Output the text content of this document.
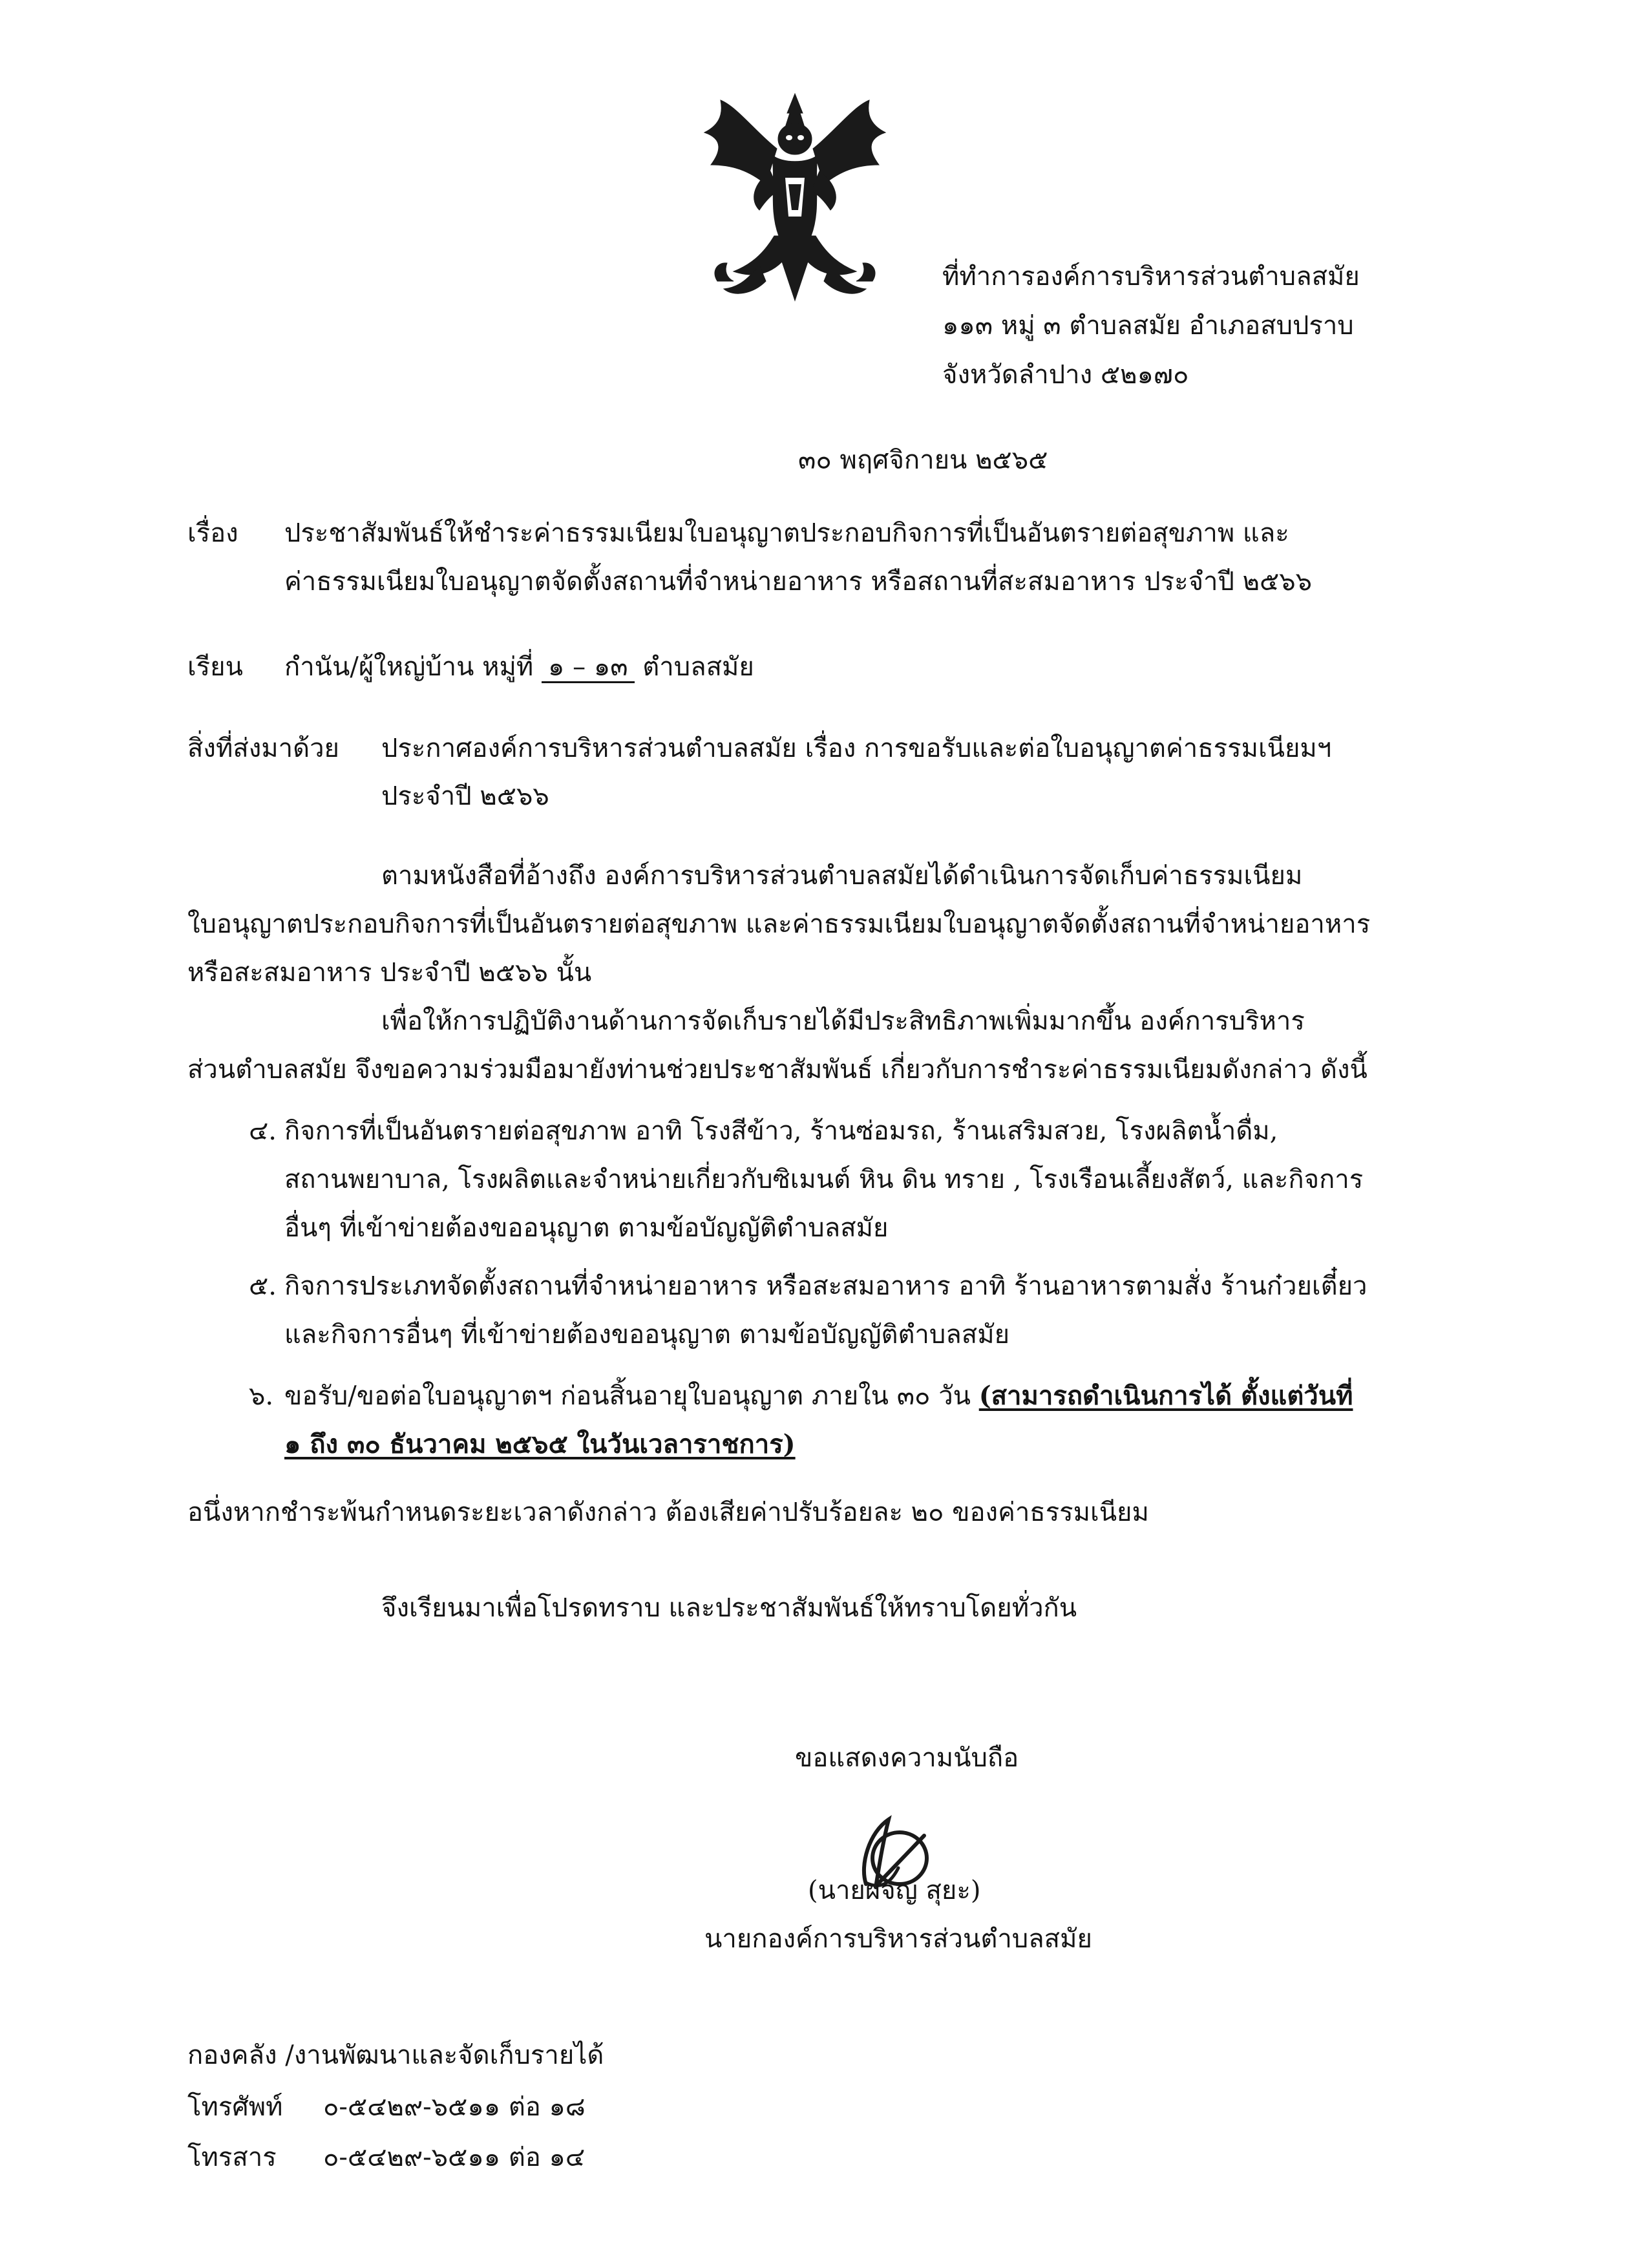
ที่ทำการองค์การบริหารส่วนตำบลสมัย
๑๑๓ หมู่ ๓ ตำบลสมัย อำเภอสบปราบ
จังหวัดลำปาง ๕๒๑๗๐
๓๐ พฤศจิกายน ๒๕๖๕
เรื่อง ประชาสัมพันธ์ให้ชำระค่าธรรมเนียมใบอนุญาตประกอบกิจการที่เป็นอันตรายต่อสุขภาพ และ
ค่าธรรมเนียมใบอนุญาตจัดตั้งสถานที่จำหน่ายอาหาร หรือสถานที่สะสมอาหาร ประจำปี ๒๕๖๖
เรียน กำนัน/ผู้ใหญ่บ้าน หมู่ที่ ๑ – ๑๓ ตำบลสมัย
สิ่งที่ส่งมาด้วย ประกาศองค์การบริหารส่วนตำบลสมัย เรื่อง การขอรับและต่อใบอนุญาตค่าธรรมเนียมฯ
ประจำปี ๒๕๖๖
ตามหนังสือที่อ้างถึง องค์การบริหารส่วนตำบลสมัยได้ดำเนินการจัดเก็บค่าธรรมเนียม
ใบอนุญาตประกอบกิจการที่เป็นอันตรายต่อสุขภาพ และค่าธรรมเนียมใบอนุญาตจัดตั้งสถานที่จำหน่ายอาหาร
หรือสะสมอาหาร ประจำปี ๒๕๖๖ นั้น
เพื่อให้การปฏิบัติงานด้านการจัดเก็บรายได้มีประสิทธิภาพเพิ่มมากขึ้น องค์การบริหาร
ส่วนตำบลสมัย จึงขอความร่วมมือมายังท่านช่วยประชาสัมพันธ์ เกี่ยวกับการชำระค่าธรรมเนียมดังกล่าว ดังนี้
๔. กิจการที่เป็นอันตรายต่อสุขภาพ อาทิ โรงสีข้าว, ร้านซ่อมรถ, ร้านเสริมสวย, โรงผลิตน้ำดื่ม,
สถานพยาบาล, โรงผลิตและจำหน่ายเกี่ยวกับซิเมนต์ หิน ดิน ทราย , โรงเรือนเลี้ยงสัตว์, และกิจการ
อื่นๆ ที่เข้าข่ายต้องขออนุญาต ตามข้อบัญญัติตำบลสมัย
๕. กิจการประเภทจัดตั้งสถานที่จำหน่ายอาหาร หรือสะสมอาหาร อาทิ ร้านอาหารตามสั่ง ร้านก๋วยเตี๋ยว
และกิจการอื่นๆ ที่เข้าข่ายต้องขออนุญาต ตามข้อบัญญัติตำบลสมัย
๖. ขอรับ/ขอต่อใบอนุญาตฯ ก่อนสิ้นอายุใบอนุญาต ภายใน ๓๐ วัน (สามารถดำเนินการได้ ตั้งแต่วันที่
๑ ถึง ๓๐ ธันวาคม ๒๕๖๕ ในวันเวลาราชการ)
อนึ่งหากชำระพ้นกำหนดระยะเวลาดังกล่าว ต้องเสียค่าปรับร้อยละ ๒๐ ของค่าธรรมเนียม
จึงเรียนมาเพื่อโปรดทราบ และประชาสัมพันธ์ให้ทราบโดยทั่วกัน
ขอแสดงความนับถือ
(นายผจญ สุยะ)
นายกองค์การบริหารส่วนตำบลสมัย
กองคลัง /งานพัฒนาและจัดเก็บรายได้
โทรศัพท์ ๐-๕๔๒๙-๖๕๑๑ ต่อ ๑๘
โทรสาร ๐-๕๔๒๙-๖๕๑๑ ต่อ ๑๔
